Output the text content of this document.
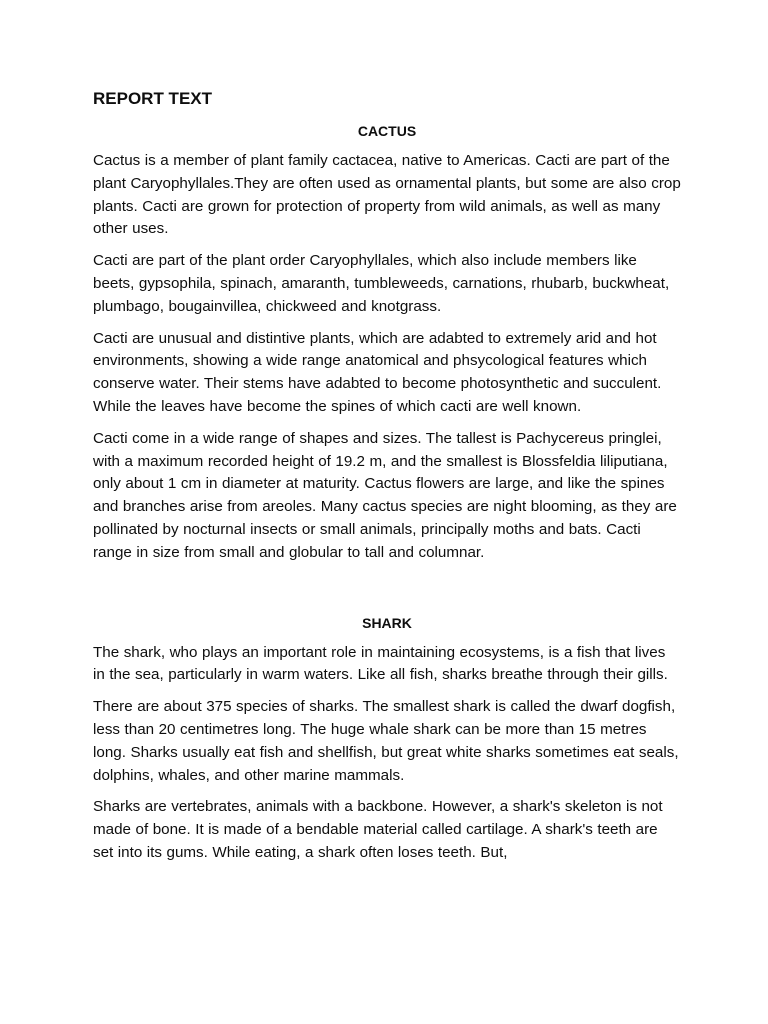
REPORT TEXT
CACTUS

Cactus is a member of plant family cactacea, native to Americas. Cacti are part of the plant Caryophyllales.They are often used as ornamental plants, but some are also crop plants. Cacti are grown for protection of property from wild animals, as well as many other uses.

Cacti are part of the plant order Caryophyllales, which also include members like beets, gypsophila, spinach, amaranth, tumbleweeds, carnations, rhubarb, buckwheat, plumbago, bougainvillea, chickweed and knotgrass.

Cacti are unusual and distintive plants, which are adabted to extremely arid and hot environments, showing a wide range anatomical and phsycological features which conserve water. Their stems have adabted to become photosynthetic and succulent. While the leaves have become the spines of which cacti are well known.

Cacti come in a wide range of shapes and sizes. The tallest is Pachycereus pringlei, with a maximum recorded height of 19.2 m, and the smallest is Blossfeldia liliputiana, only about 1 cm in diameter at maturity. Cactus flowers are large, and like the spines and branches arise from areoles. Many cactus species are night blooming, as they are pollinated by nocturnal insects or small animals, principally moths and bats. Cacti range in size from small and globular to tall and columnar.

SHARK

The shark, who plays an important role in maintaining ecosystems, is a fish that lives in the sea, particularly in warm waters. Like all fish, sharks breathe through their gills.

There are about 375 species of sharks. The smallest shark is called the dwarf dogfish, less than 20 centimetres long. The huge whale shark can be more than 15 metres long. Sharks usually eat fish and shellfish, but great white sharks sometimes eat seals, dolphins, whales, and other marine mammals.

Sharks are vertebrates, animals with a backbone. However, a shark's skeleton is not made of bone. It is made of a bendable material called cartilage. A shark's teeth are set into its gums. While eating, a shark often loses teeth. But,
